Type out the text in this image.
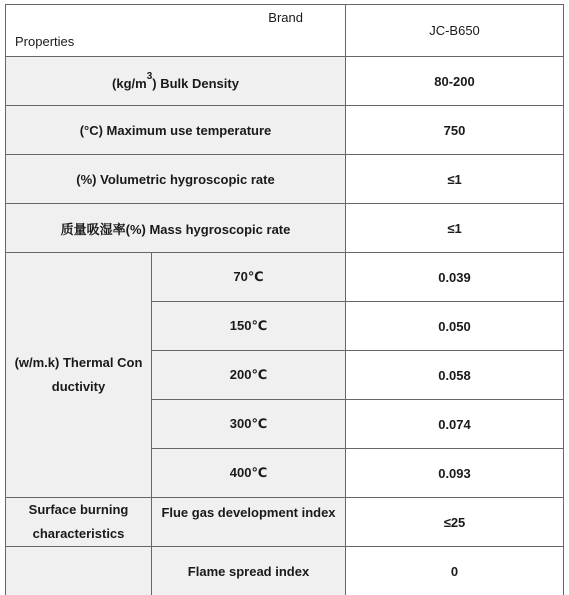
Brand
Properties		JC-B650
$(kg/m^3)$ Bulk Density		80-200
(°C) Maximum use temperature		750
(%) Volumetric hygroscopic rate		≤1
质量吸湿率(%) Mass hygroscopic rate		≤1
(w/m.k) Thermal Con
ductivity	70℃	0.039
	150℃	0.050
	200℃	0.058
	300℃	0.074
	400℃	0.093
Surface burning
characteristics	Flue gas development index	≤25
	Flame spread index	0
